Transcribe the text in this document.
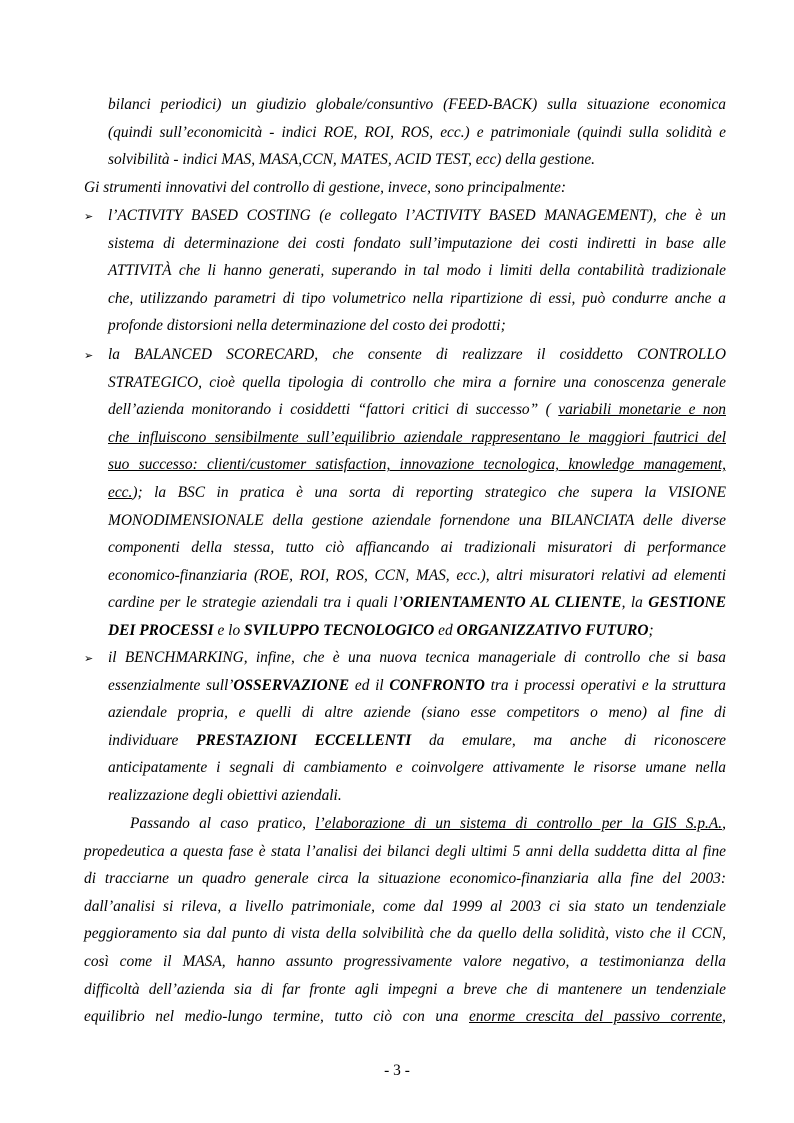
bilanci periodici) un giudizio globale/consuntivo (FEED-BACK) sulla situazione economica

(quindi sull’economicità - indici ROE, ROI, ROS, ecc.) e patrimoniale (quindi sulla solidità e

solvibilità - indici MAS, MASA,CCN, MATES, ACID TEST, ecc) della gestione.

Gi strumenti innovativi del controllo di gestione, invece, sono principalmente:

➢ l’ACTIVITY BASED COSTING (e collegato l’ACTIVITY BASED MANAGEMENT), che è un

sistema di determinazione dei costi fondato sull’imputazione dei costi indiretti in base alle

ATTIVITÀ che li hanno generati, superando in tal modo i limiti della contabilità tradizionale

che, utilizzando parametri di tipo volumetrico nella ripartizione di essi, può condurre anche a

profonde distorsioni nella determinazione del costo dei prodotti;

➢ la BALANCED SCORECARD, che consente di realizzare il cosiddetto CONTROLLO

STRATEGICO, cioè quella tipologia di controllo che mira a fornire una conoscenza generale

dell’azienda monitorando i cosiddetti “fattori critici di successo” ( variabili monetarie e non

che influiscono sensibilmente sull’equilibrio aziendale rappresentano le maggiori fautrici del

suo successo: clienti/customer satisfaction, innovazione tecnologica, knowledge management,

ecc.); la BSC in pratica è una sorta di reporting strategico che supera la VISIONE

MONODIMENSIONALE della gestione aziendale fornendone una BILANCIATA delle diverse

componenti della stessa, tutto ciò affiancando ai tradizionali misuratori di performance

economico-finanziaria (ROE, ROI, ROS, CCN, MAS, ecc.), altri misuratori relativi ad elementi

cardine per le strategie aziendali tra i quali l’ORIENTAMENTO AL CLIENTE, la GESTIONE

DEI PROCESSI e lo SVILUPPO TECNOLOGICO ed ORGANIZZATIVO FUTURO;

➢ il BENCHMARKING, infine, che è una nuova tecnica manageriale di controllo che si basa

essenzialmente sull’OSSERVAZIONE ed il CONFRONTO tra i processi operativi e la struttura

aziendale propria, e quelli di altre aziende (siano esse competitors o meno) al fine di

individuare PRESTAZIONI ECCELLENTI da emulare, ma anche di riconoscere

anticipatamente i segnali di cambiamento e coinvolgere attivamente le risorse umane nella

realizzazione degli obiettivi aziendali.

Passando al caso pratico, l’elaborazione di un sistema di controllo per la GIS S.p.A.,

propedeutica a questa fase è stata l’analisi dei bilanci degli ultimi 5 anni della suddetta ditta al fine

di tracciarne un quadro generale circa la situazione economico-finanziaria alla fine del 2003:

dall’analisi si rileva, a livello patrimoniale, come dal 1999 al 2003 ci sia stato un tendenziale

peggioramento sia dal punto di vista della solvibilità che da quello della solidità, visto che il CCN,

così come il MASA, hanno assunto progressivamente valore negativo, a testimonianza della

difficoltà dell’azienda sia di far fronte agli impegni a breve che di mantenere un tendenziale

equilibrio nel medio-lungo termine, tutto ciò con una enorme crescita del passivo corrente,

- 3 -
